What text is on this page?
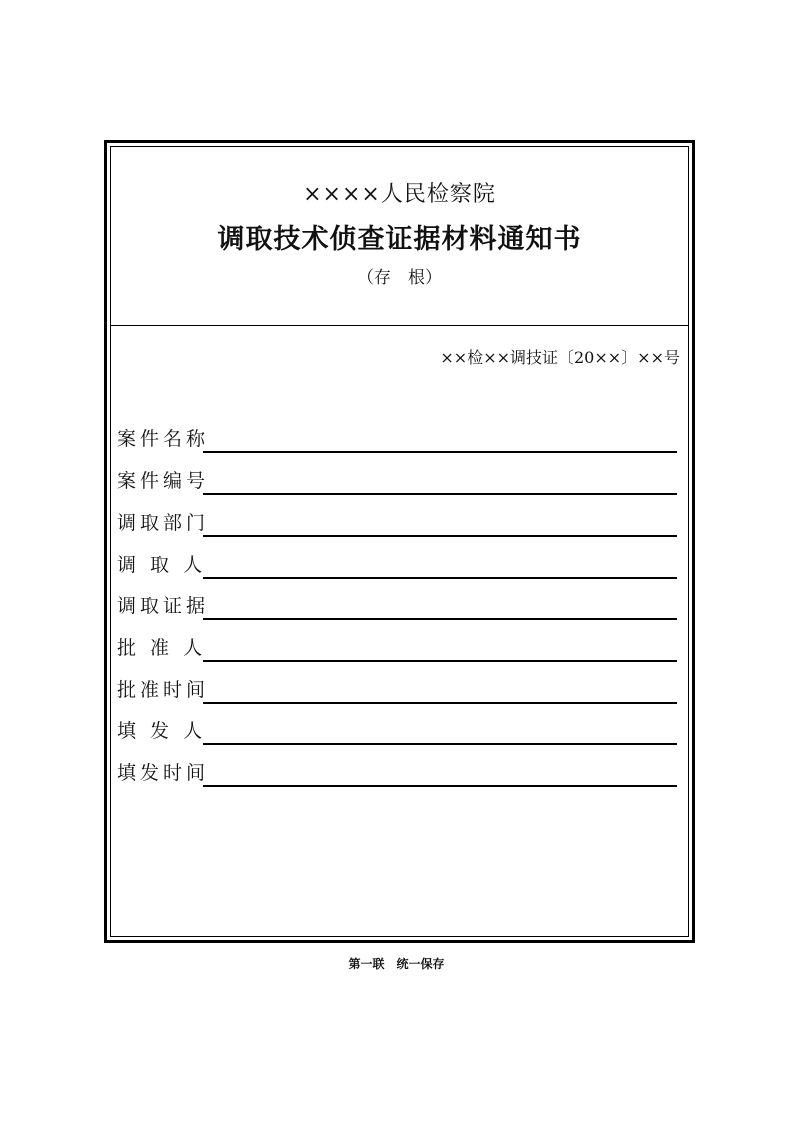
××××人民检察院
调取技术侦查证据材料通知书
（存　根）
××检××调技证〔20××〕××号
案件名称
案件编号
调取部门
调 取 人
调取证据
批 准 人
批准时间
填 发 人
填发时间
第一联　统一保存
